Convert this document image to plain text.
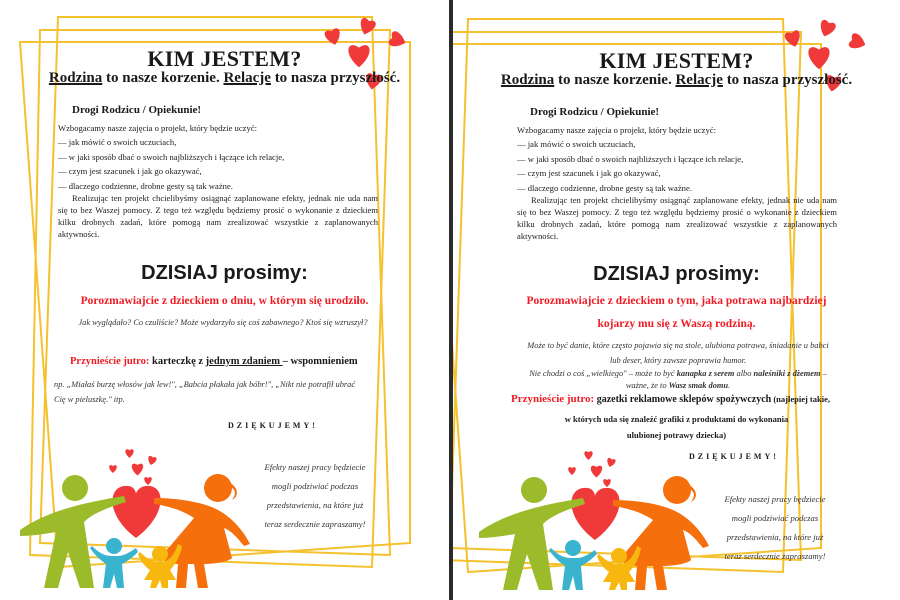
KIM JESTEM?
Rodzina to nasze korzenie. Relacje to nasza przyszłość.
Drogi Rodzicu / Opiekunie!
Wzbogacamy nasze zajęcia o projekt, który będzie uczyć:
— jak mówić o swoich uczuciach,
— w jaki sposób dbać o swoich najbliższych i łączące ich relacje,
— czym jest szacunek i jak go okazywać,
— dlaczego codzienne, drobne gesty są tak ważne.
Realizując ten projekt chcielibyśmy osiągnąć zaplanowane efekty, jednak nie uda nam się to bez Waszej pomocy. Z tego też względu będziemy prosić o wykonanie z dzieckiem kilku drobnych zadań, które pomogą nam zrealizować wszystkie z zaplanowanych aktywności.
DZISIAJ prosimy:
Porozmawiajcie z dzieckiem o dniu, w którym się urodziło.
Jak wyglądało? Co czuliście? Może wydarzyło się coś zabawnego? Ktoś się wzruszył?
Przynieście jutro: karteczkę z jednym zdaniem – wspomnieniem
np. „Miałaś burzę włosów jak lew!", „Babcia płakała jak bóbr!", „Nikt nie potrafił ubrać
Cię w pieluszkę." itp.
DZIĘKUJEMY!
Efekty naszej pracy będziecie
mogli podziwiać podczas
przedstawienia, na które już
teraz serdecznie zapraszamy!
KIM JESTEM?
Rodzina to nasze korzenie. Relacje to nasza przyszłość.
Drogi Rodzicu / Opiekunie!
Wzbogacamy nasze zajęcia o projekt, który będzie uczyć:
— jak mówić o swoich uczuciach,
— w jaki sposób dbać o swoich najbliższych i łączące ich relacje,
— czym jest szacunek i jak go okazywać,
— dlaczego codzienne, drobne gesty są tak ważne.
Realizując ten projekt chcielibyśmy osiągnąć zaplanowane efekty, jednak nie uda nam się to bez Waszej pomocy. Z tego też względu będziemy prosić o wykonanie z dzieckiem kilku drobnych zadań, które pomogą nam zrealizować wszystkie z zaplanowanych aktywności.
DZISIAJ prosimy:
Porozmawiajcie z dzieckiem o tym, jaka potrawa najbardziej
kojarzy mu się z Waszą rodziną.
Może to być danie, które często pojawia się na stole, ulubiona potrawa, śniadanie u babci
lub deser, który zawsze poprawia humor.
Nie chodzi o coś „wielkiego" – może to być kanapka z serem albo naleśniki z dżemem –
ważne, że to Wasz smak domu.
Przynieście jutro: gazetki reklamowe sklepów spożywczych (najlepiej takie,
w których uda się znaleźć grafiki z produktami do wykonania
ulubionej potrawy dziecka)
DZIĘKUJEMY!
Efekty naszej pracy będziecie
mogli podziwiać podczas
przedstawienia, na które już
teraz serdecznie zapraszamy!
